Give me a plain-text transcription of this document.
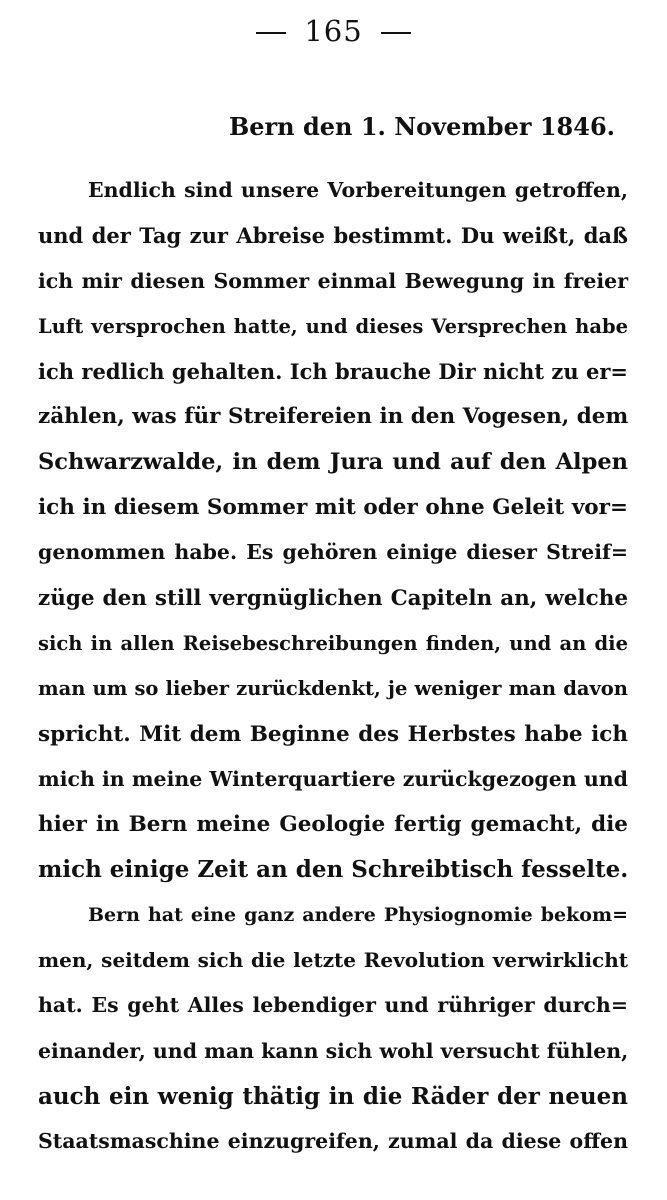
165
Bern den 1. November 1846.
Endlich sind unsere Vorbereitungen getroffen,
und der Tag zur Abreise bestimmt. Du weißt, daß
ich mir diesen Sommer einmal Bewegung in freier
Luft versprochen hatte, und dieses Versprechen habe
ich redlich gehalten. Ich brauche Dir nicht zu er=
zählen, was für Streifereien in den Vogesen, dem
Schwarzwalde, in dem Jura und auf den Alpen
ich in diesem Sommer mit oder ohne Geleit vor=
genommen habe. Es gehören einige dieser Streif=
züge den still vergnüglichen Capiteln an, welche
sich in allen Reisebeschreibungen finden, und an die
man um so lieber zurückdenkt, je weniger man davon
spricht. Mit dem Beginne des Herbstes habe ich
mich in meine Winterquartiere zurückgezogen und
hier in Bern meine Geologie fertig gemacht, die
mich einige Zeit an den Schreibtisch fesselte.
Bern hat eine ganz andere Physiognomie bekom=
men, seitdem sich die letzte Revolution verwirklicht
hat. Es geht Alles lebendiger und rühriger durch=
einander, und man kann sich wohl versucht fühlen,
auch ein wenig thätig in die Räder der neuen
Staatsmaschine einzugreifen, zumal da diese offen
